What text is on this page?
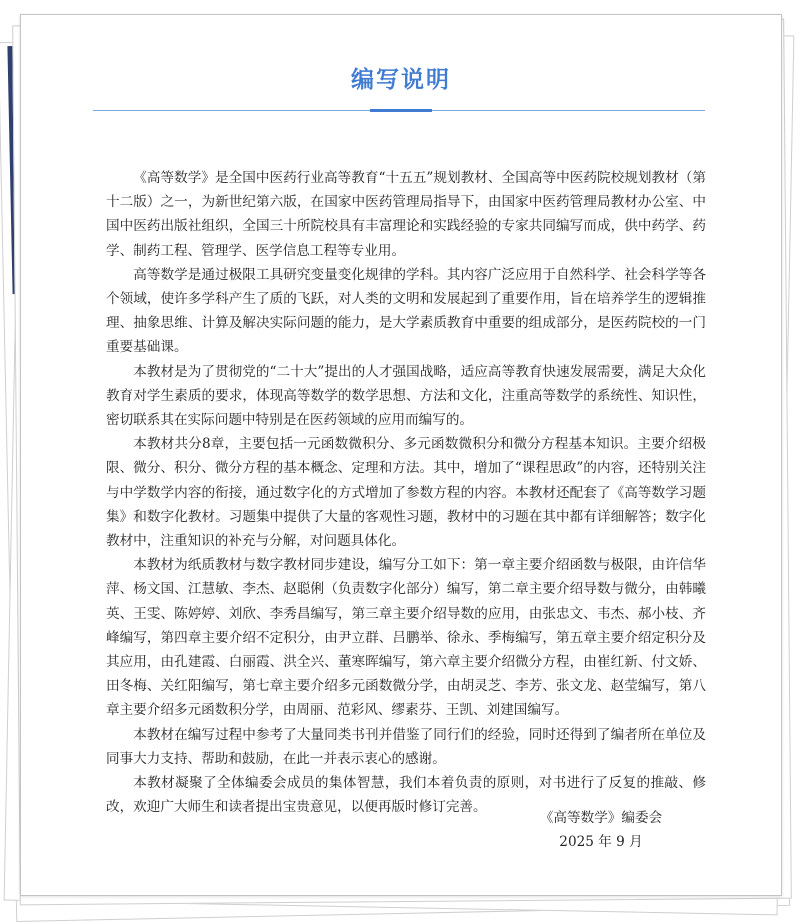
编写说明

《高等数学》是全国中医药行业高等教育“十五五”规划教材、全国高等中医药院校规划教材（第十二版）之一，为新世纪第六版，在国家中医药管理局指导下，由国家中医药管理局教材办公室、中国中医药出版社组织，全国三十所院校具有丰富理论和实践经验的专家共同编写而成，供中药学、药学、制药工程、管理学、医学信息工程等专业用。

高等数学是通过极限工具研究变量变化规律的学科。其内容广泛应用于自然科学、社会科学等各个领域，使许多学科产生了质的飞跃，对人类的文明和发展起到了重要作用，旨在培养学生的逻辑推理、抽象思维、计算及解决实际问题的能力，是大学素质教育中重要的组成部分，是医药院校的一门重要基础课。

本教材是为了贯彻党的“二十大”提出的人才强国战略，适应高等教育快速发展需要，满足大众化教育对学生素质的要求，体现高等数学的数学思想、方法和文化，注重高等数学的系统性、知识性，密切联系其在实际问题中特别是在医药领域的应用而编写的。

本教材共分8章，主要包括一元函数微积分、多元函数微积分和微分方程基本知识。主要介绍极限、微分、积分、微分方程的基本概念、定理和方法。其中，增加了“课程思政”的内容，还特别关注与中学数学内容的衔接，通过数字化的方式增加了参数方程的内容。本教材还配套了《高等数学习题集》和数字化教材。习题集中提供了大量的客观性习题，教材中的习题在其中都有详细解答；数字化教材中，注重知识的补充与分解，对问题具体化。

本教材为纸质教材与数字教材同步建设，编写分工如下：第一章主要介绍函数与极限，由许信华萍、杨文国、江慧敏、李杰、赵聪俐（负责数字化部分）编写，第二章主要介绍导数与微分，由韩曦英、王雯、陈婷婷、刘欣、李秀昌编写，第三章主要介绍导数的应用，由张忠文、韦杰、郝小枝、齐峰编写，第四章主要介绍不定积分，由尹立群、吕鹏举、徐永、季梅编写，第五章主要介绍定积分及其应用，由孔建霞、白丽霞、洪全兴、董寒晖编写，第六章主要介绍微分方程，由崔红新、付文娇、田冬梅、关红阳编写，第七章主要介绍多元函数微分学，由胡灵芝、李芳、张文龙、赵莹编写，第八章主要介绍多元函数积分学，由周丽、范彩风、缪素芬、王凯、刘建国编写。

本教材在编写过程中参考了大量同类书刊并借鉴了同行们的经验，同时还得到了编者所在单位及同事大力支持、帮助和鼓励，在此一并表示衷心的感谢。

本教材凝聚了全体编委会成员的集体智慧，我们本着负责的原则，对书进行了反复的推敲、修改，欢迎广大师生和读者提出宝贵意见，以便再版时修订完善。

《高等数学》编委会
2025 年 9 月
